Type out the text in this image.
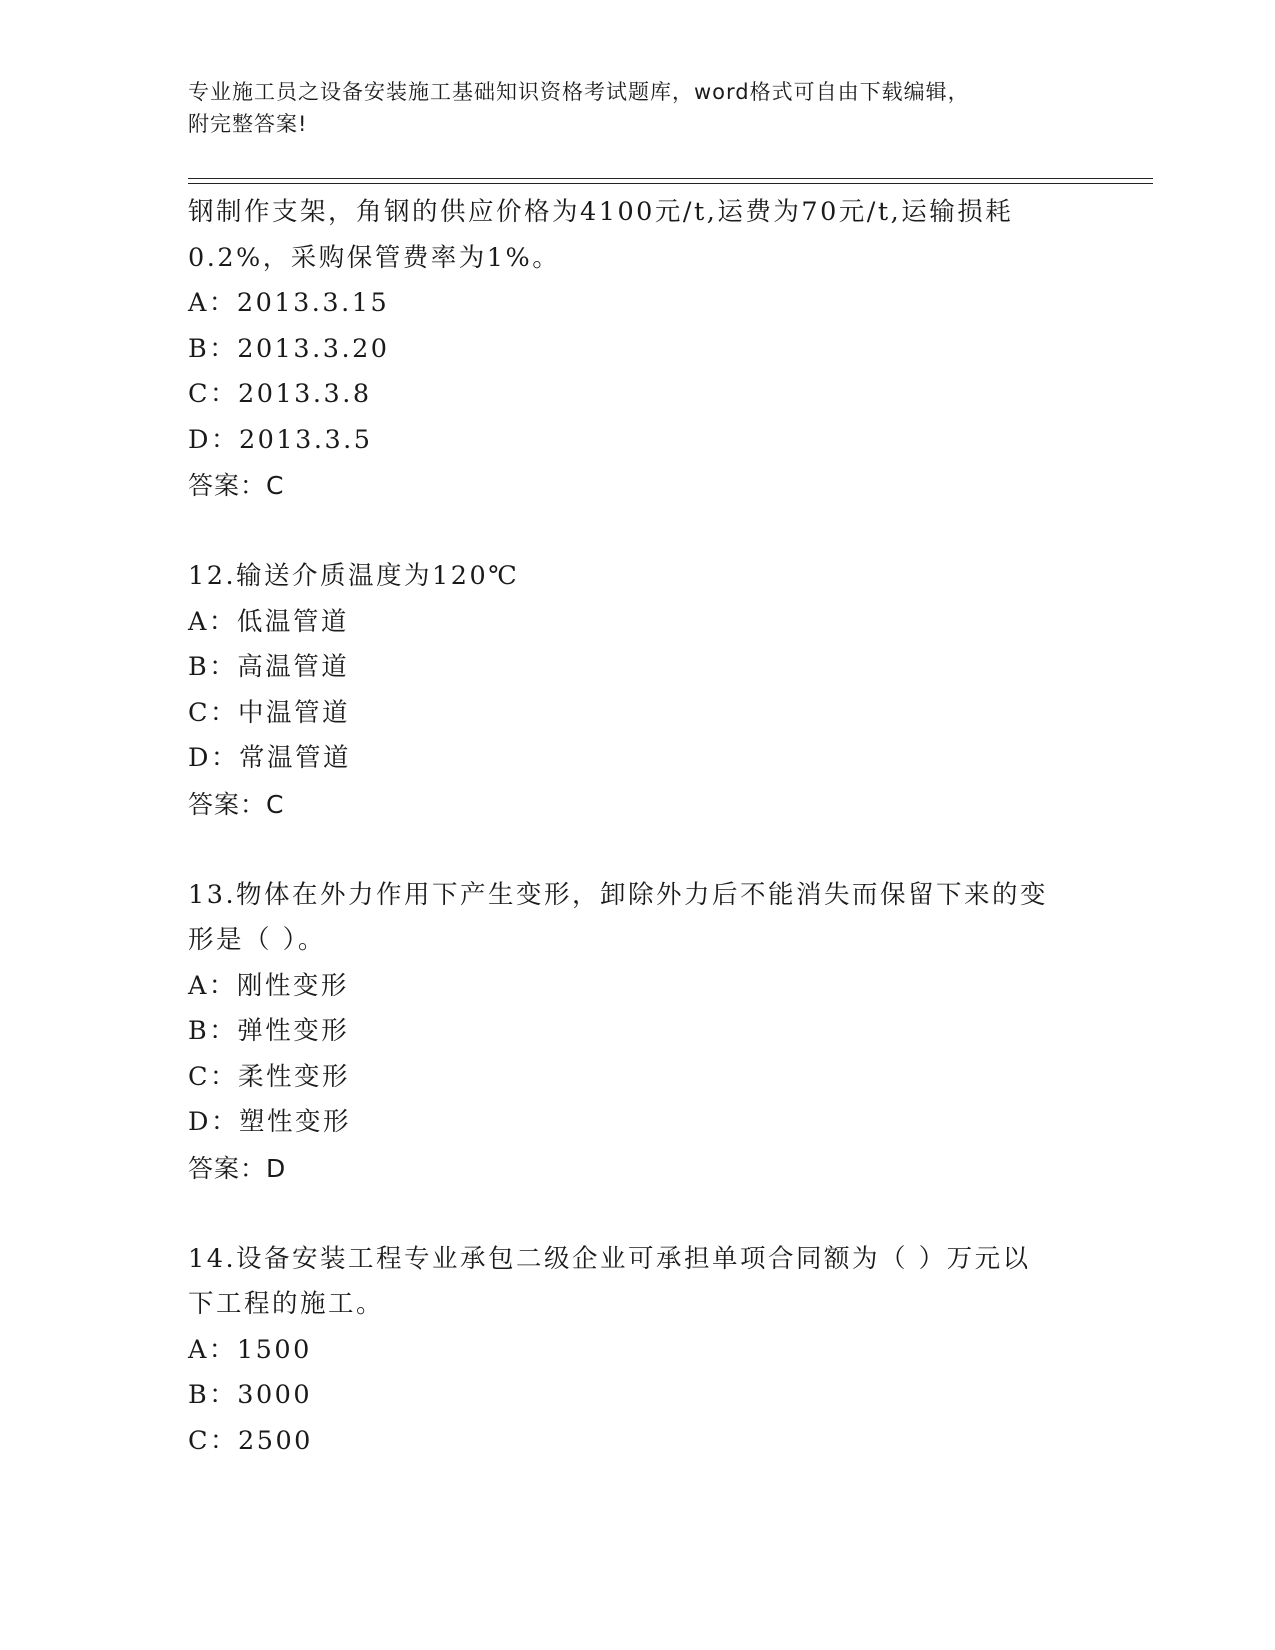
专业施工员之设备安装施工基础知识资格考试题库，word格式可自由下载编辑，
附完整答案!
钢制作支架，角钢的供应价格为4100元/t,运费为70元/t,运输损耗
0.2%，采购保管费率为1%。
A：2013.3.15
B：2013.3.20
C：2013.3.8
D：2013.3.5
答案：C
12.输送介质温度为120℃
A：低温管道
B：高温管道
C：中温管道
D：常温管道
答案：C
13.物体在外力作用下产生变形，卸除外力后不能消失而保留下来的变
形是（ ）。
A：刚性变形
B：弹性变形
C：柔性变形
D：塑性变形
答案：D
14.设备安装工程专业承包二级企业可承担单项合同额为（ ）万元以
下工程的施工。
A：1500
B：3000
C：2500
